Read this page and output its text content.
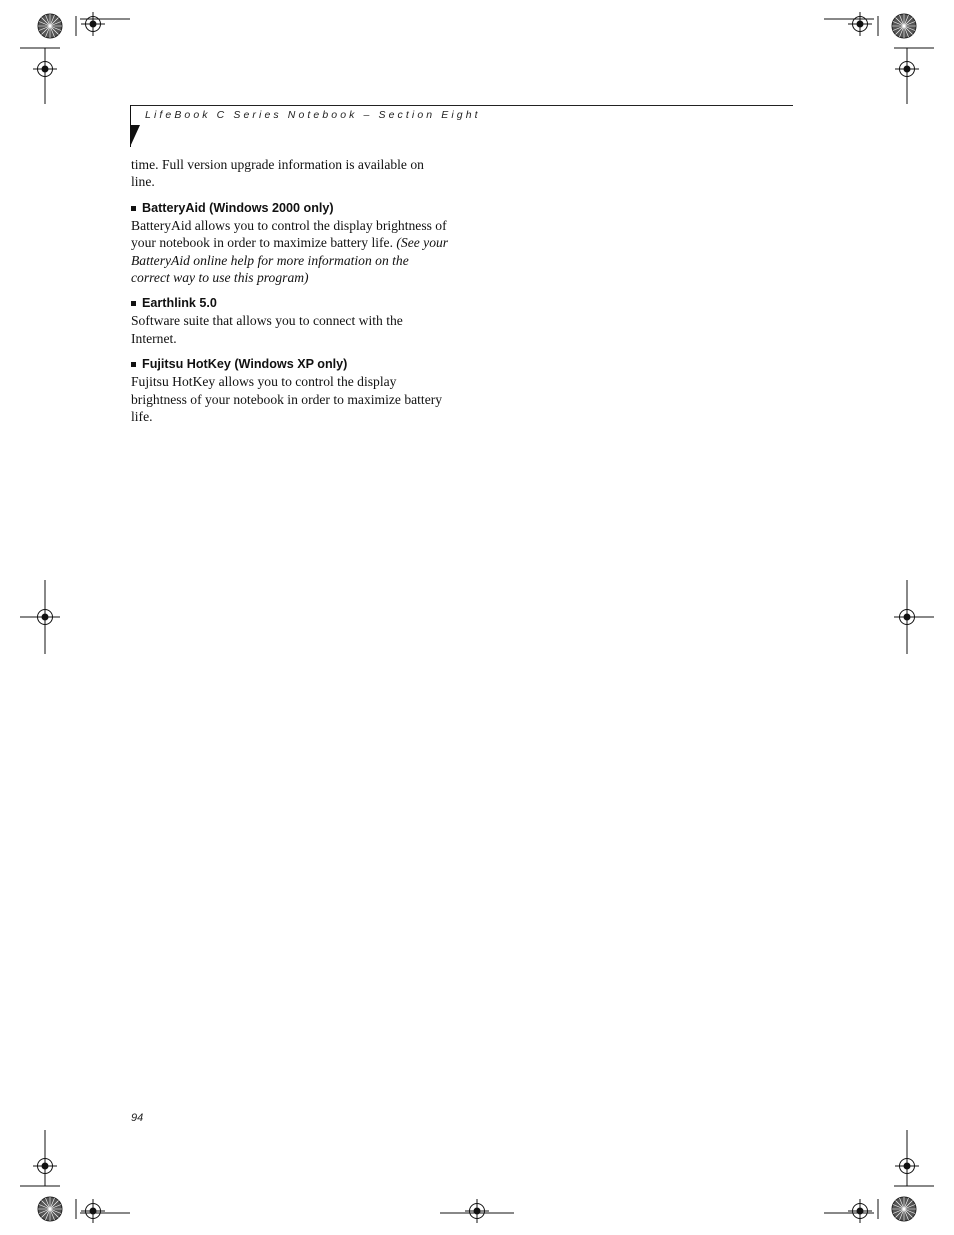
LifeBook C Series Notebook – Section Eight

time. Full version upgrade information is available on line.

BatteryAid (Windows 2000 only)

BatteryAid allows you to control the display brightness of your notebook in order to maximize battery life. (See your BatteryAid online help for more information on the correct way to use this program)

Earthlink 5.0

Software suite that allows you to connect with the Internet.

Fujitsu HotKey (Windows XP only)

Fujitsu HotKey allows you to control the display brightness of your notebook in order to maximize battery life.

94
